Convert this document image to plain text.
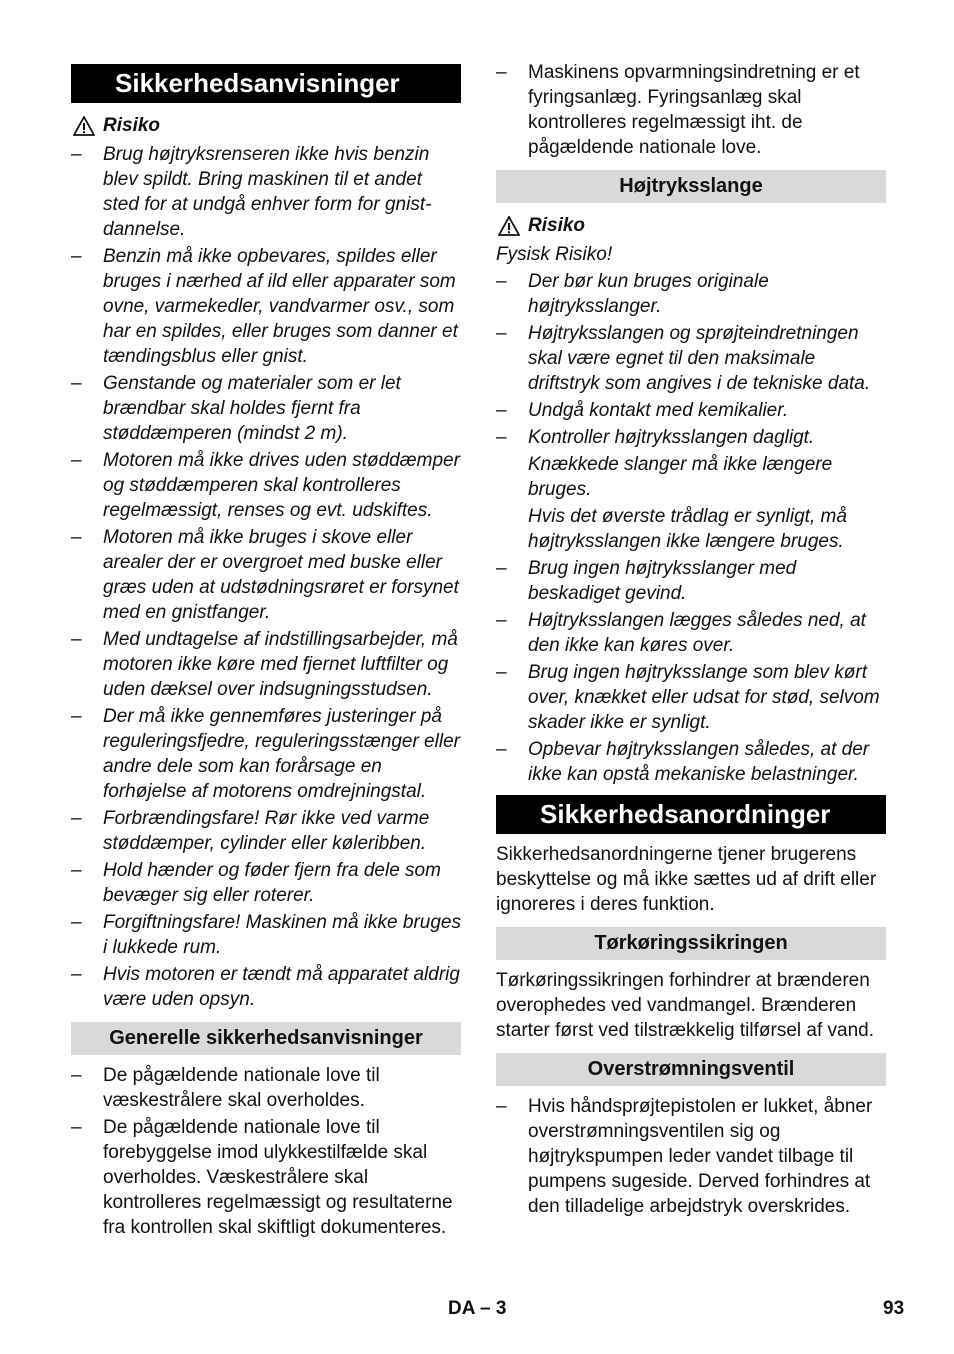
Sikkerhedsanvisninger
Risiko
– Brug højtryksrenseren ikke hvis benzin blev spildt. Bring maskinen til et andet sted for at undgå enhver form for gnist-dannelse.
– Benzin må ikke opbevares, spildes eller bruges i nærhed af ild eller apparater som ovne, varmekedler, vandvarmer osv., som har en spildes, eller bruges som danner et tændingsblus eller gnist.
– Genstande og materialer som er let brændbar skal holdes fjernt fra støddæmperen (mindst 2 m).
– Motoren må ikke drives uden støddæmper og støddæmperen skal kontrolleres regelmæssigt, renses og evt. udskiftes.
– Motoren må ikke bruges i skove eller arealer der er overgroet med buske eller græs uden at udstødningsrøret er forsynet med en gnistfanger.
– Med undtagelse af indstillingsarbejder, må motoren ikke køre med fjernet luftfilter og uden dæksel over indsugningsstudsen.
– Der må ikke gennemføres justeringer på reguleringsfjedre, reguleringsstænger eller andre dele som kan forårsage en forhøjelse af motorens omdrejningstal.
– Forbrændingsfare! Rør ikke ved varme støddæmper, cylinder eller køleribben.
– Hold hænder og føder fjern fra dele som bevæger sig eller roterer.
– Forgiftningsfare! Maskinen må ikke bruges i lukkede rum.
– Hvis motoren er tændt må apparatet aldrig være uden opsyn.
Generelle sikkerhedsanvisninger
– De pågældende nationale love til væskestrålere skal overholdes.
– De pågældende nationale love til forebyggelse imod ulykkestilfælde skal overholdes. Væskestrålere skal kontrolleres regelmæssigt og resultaterne fra kontrollen skal skiftligt dokumenteres.
– Maskinens opvarmningsindretning er et fyringsanlæg. Fyringsanlæg skal kontrolleres regelmæssigt iht. de pågældende nationale love.
Højtryksslange
Risiko
Fysisk Risiko!
– Der bør kun bruges originale højtryksslanger.
– Højtryksslangen og sprøjteindretningen skal være egnet til den maksimale driftstryk som angives i de tekniske data.
– Undgå kontakt med kemikalier.
– Kontroller højtryksslangen dagligt.
Knækkede slanger må ikke længere bruges.
Hvis det øverste trådlag er synligt, må højtryksslangen ikke længere bruges.
– Brug ingen højtryksslanger med beskadiget gevind.
– Højtryksslangen lægges således ned, at den ikke kan køres over.
– Brug ingen højtryksslange som blev kørt over, knækket eller udsat for stød, selvom skader ikke er synligt.
– Opbevar højtryksslangen således, at der ikke kan opstå mekaniske belastninger.
Sikkerhedsanordninger
Sikkerhedsanordningerne tjener brugerens beskyttelse og må ikke sættes ud af drift eller ignoreres i deres funktion.
Tørkøringssikringen
Tørkøringssikringen forhindrer at brænderen overophedes ved vandmangel. Brænderen starter først ved tilstrækkelig tilførsel af vand.
Overstrømningsventil
– Hvis håndsprøjtepistolen er lukket, åbner overstrømningsventilen sig og højtrykspumpen leder vandet tilbage til pumpens sugeside. Derved forhindres at den tilladelige arbejdstryk overskrides.
DA – 3	93
